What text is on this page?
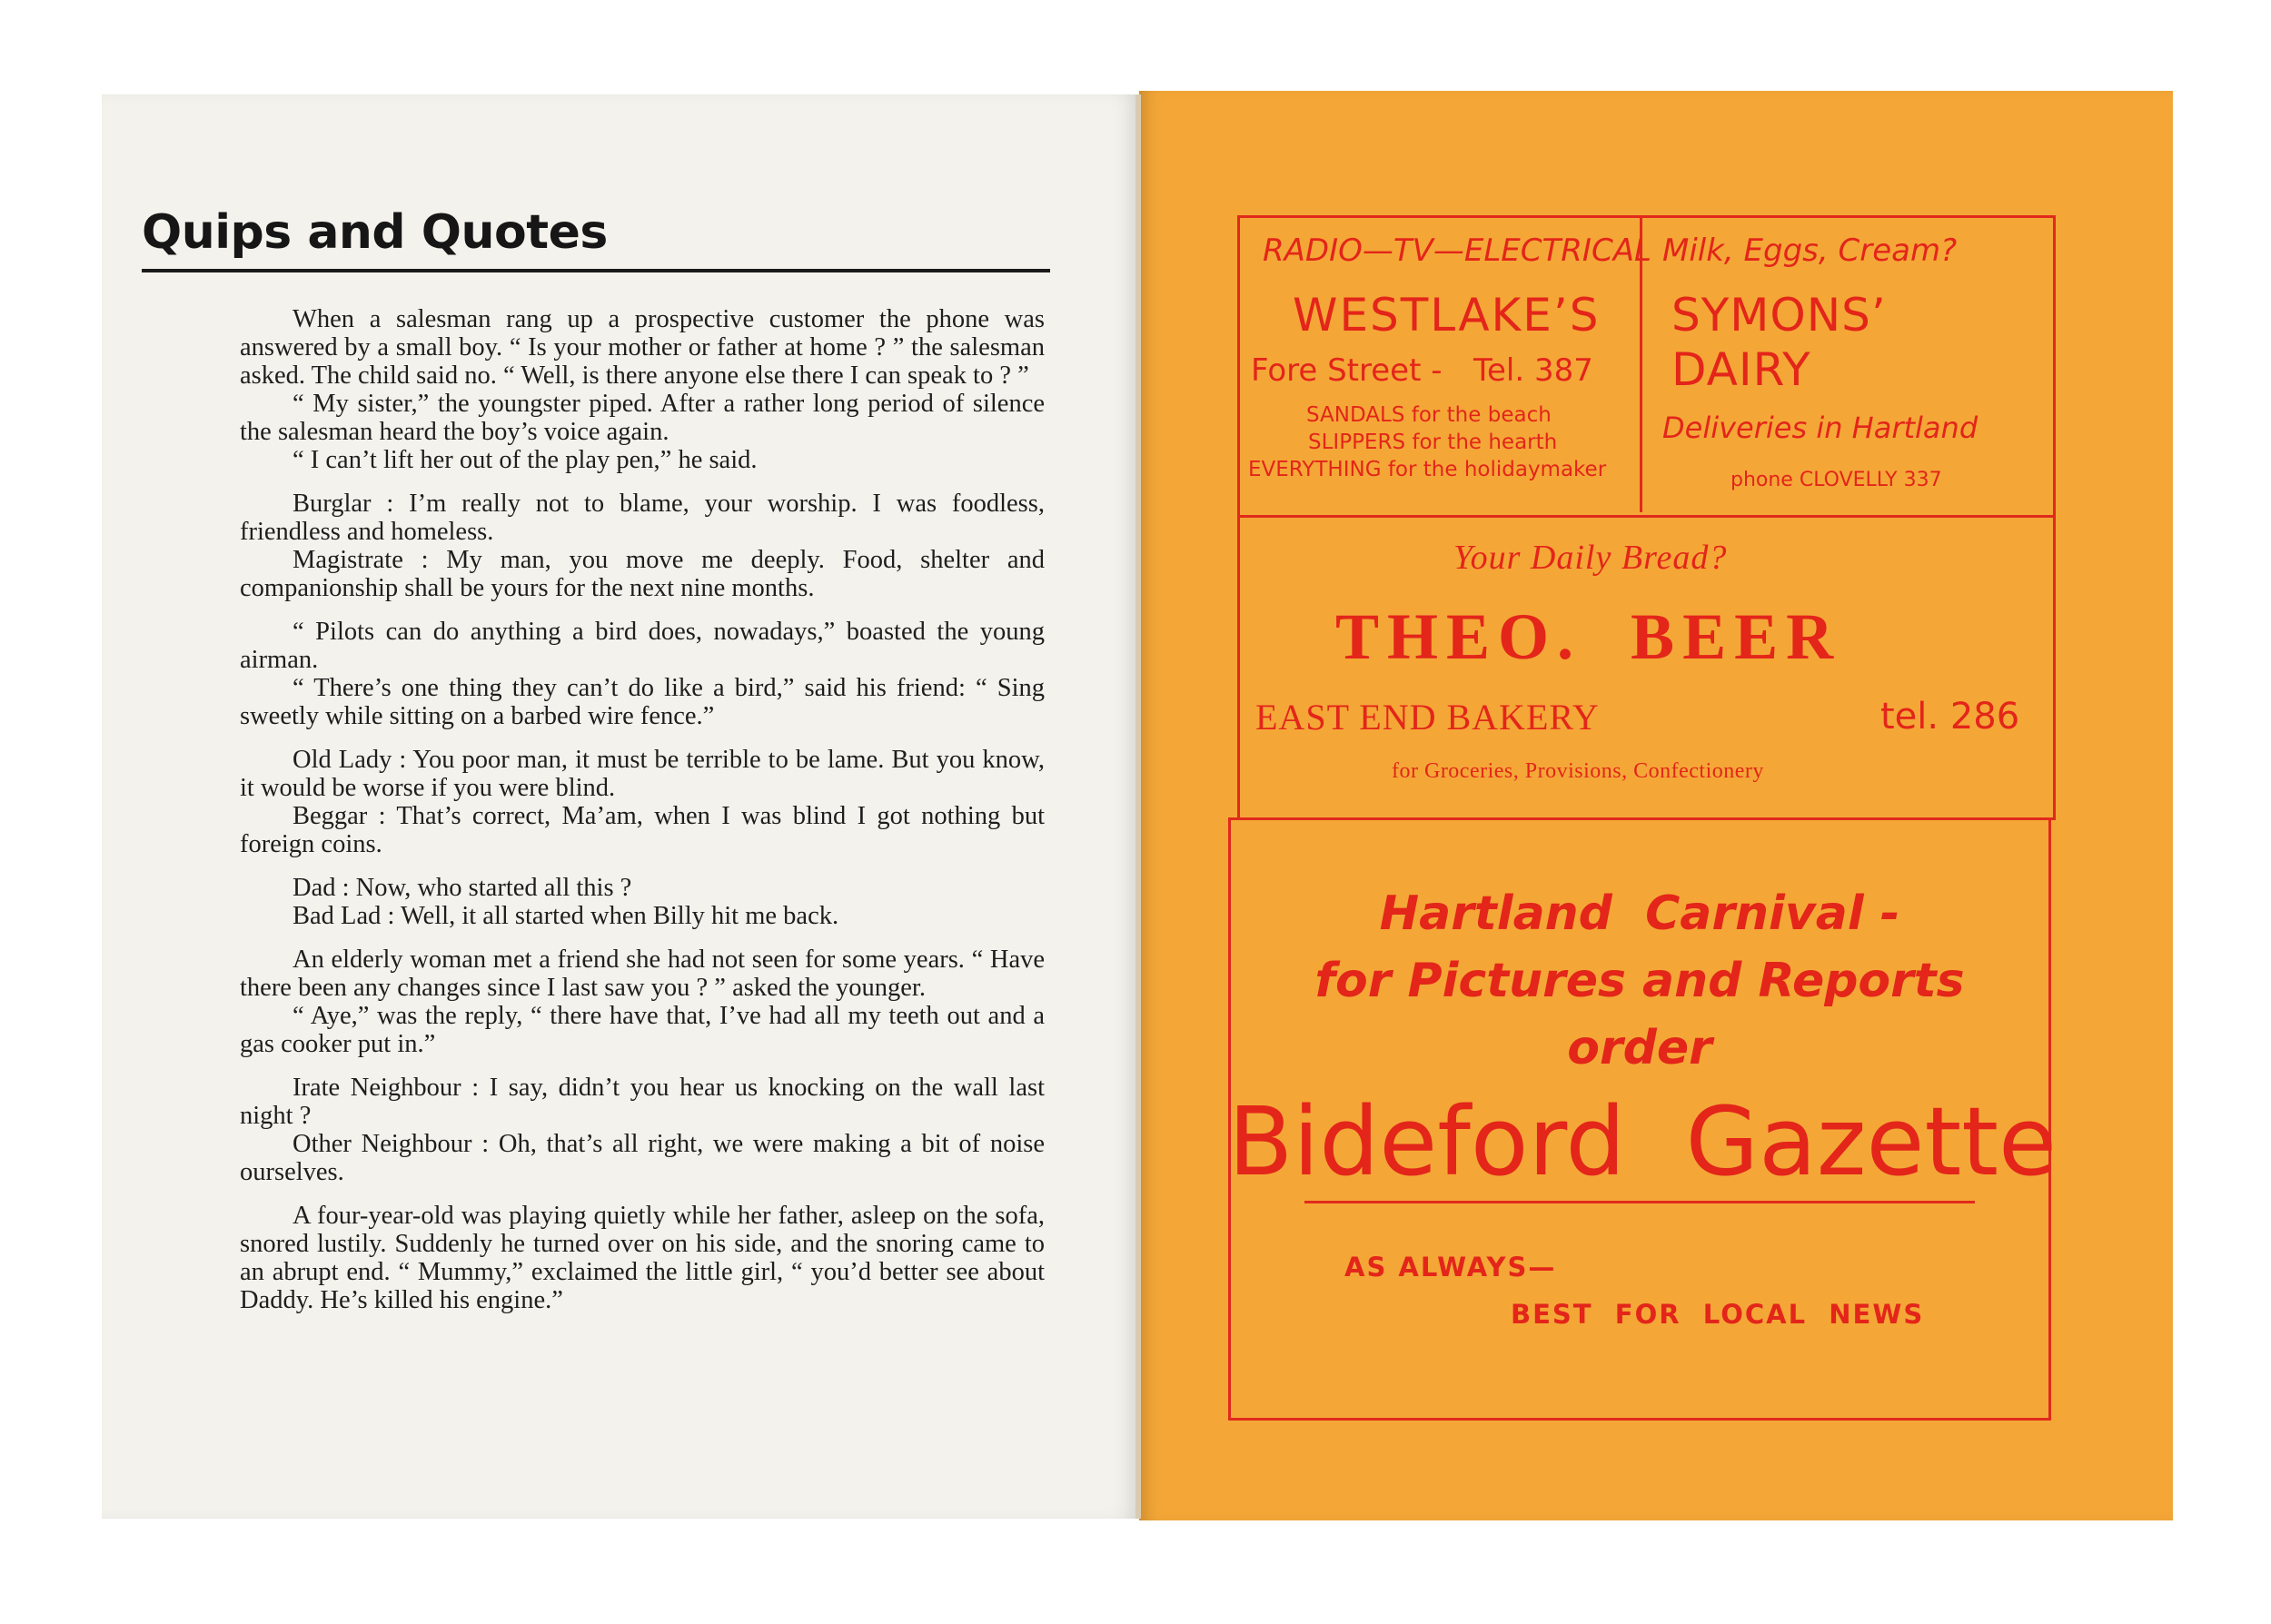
Quips and Quotes

When a salesman rang up a prospective customer the phone was answered by a small boy. “ Is your mother or father at home ? ” the salesman asked. The child said no. “ Well, is there anyone else there I can speak to ? ”

“ My sister,” the youngster piped. After a rather long period of silence the salesman heard the boy’s voice again.

“ I can’t lift her out of the play pen,” he said.

Burglar : I’m really not to blame, your worship. I was foodless, friendless and homeless.

Magistrate : My man, you move me deeply. Food, shelter and companionship shall be yours for the next nine months.

“ Pilots can do anything a bird does, nowadays,” boasted the young airman.

“ There’s one thing they can’t do like a bird,” said his friend: “ Sing sweetly while sitting on a barbed wire fence.”

Old Lady : You poor man, it must be terrible to be lame. But you know, it would be worse if you were blind.

Beggar : That’s correct, Ma’am, when I was blind I got nothing but foreign coins.

Dad : Now, who started all this ?

Bad Lad : Well, it all started when Billy hit me back.

An elderly woman met a friend she had not seen for some years. “ Have there been any changes since I last saw you ? ” asked the younger.

“ Aye,” was the reply, “ there have that, I’ve had all my teeth out and a gas cooker put in.”

Irate Neighbour : I say, didn’t you hear us knocking on the wall last night ?

Other Neighbour : Oh, that’s all right, we were making a bit of noise ourselves.

A four-year-old was playing quietly while her father, asleep on the sofa, snored lustily. Suddenly he turned over on his side, and the snoring came to an abrupt end. “ Mummy,” exclaimed the little girl, “ you’d better see about Daddy. He’s killed his engine.”

RADIO—TV—ELECTRICAL

WESTLAKE’S

Fore Street - Tel. 387

SANDALS for the beach

SLIPPERS for the hearth

EVERYTHING for the holidaymaker

Milk, Eggs, Cream?

SYMONS’

DAIRY

Deliveries in Hartland

phone CLOVELLY 337

Your Daily Bread?

THEO.  BEER

EAST END BAKERY	tel. 286

for Groceries, Provisions, Confectionery

Hartland  Carnival -

for Pictures and Reports

order

Bideford  Gazette

AS ALWAYS—

BEST  FOR  LOCAL  NEWS
